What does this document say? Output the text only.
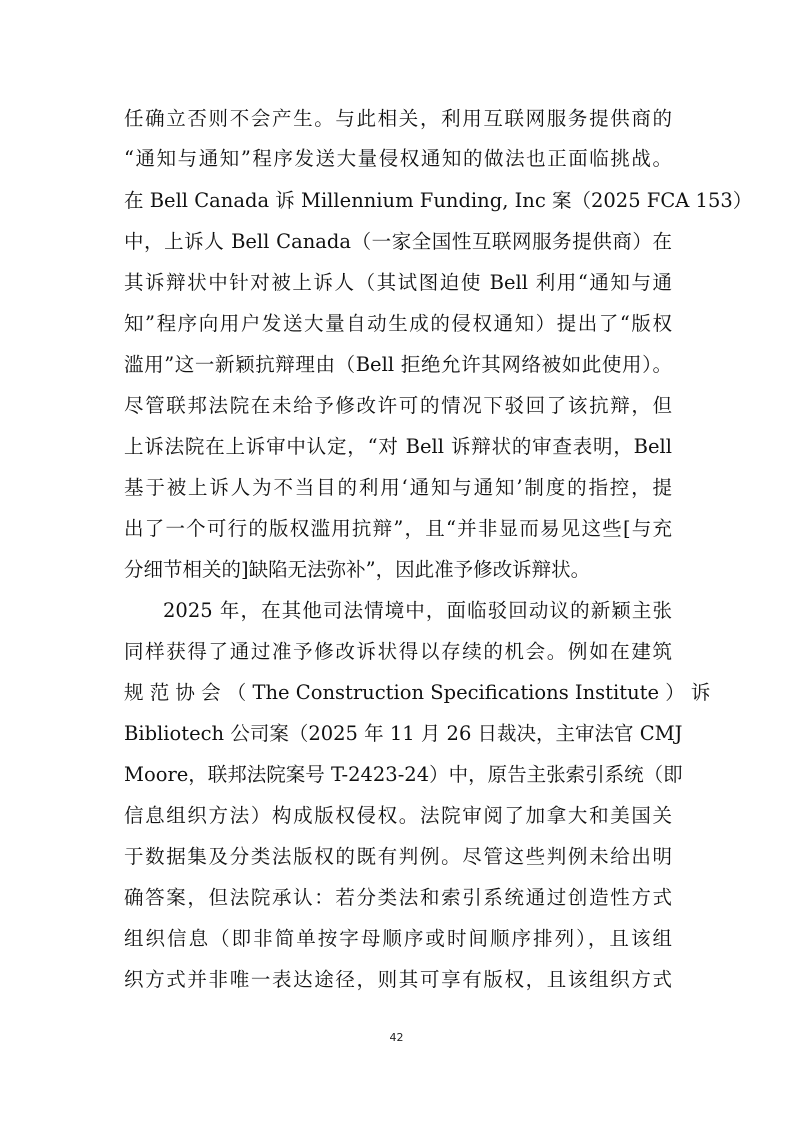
任确立否则不会产生。与此相关，利用互联网服务提供商的
“通知与通知”程序发送大量侵权通知的做法也正面临挑战。
在 Bell Canada 诉 Millennium Funding, Inc 案（2025 FCA 153）
中，上诉人 Bell Canada（一家全国性互联网服务提供商）在
其诉辩状中针对被上诉人（其试图迫使 Bell 利用“通知与通
知”程序向用户发送大量自动生成的侵权通知）提出了“版权
滥用”这一新颖抗辩理由（Bell 拒绝允许其网络被如此使用）。
尽管联邦法院在未给予修改许可的情况下驳回了该抗辩，但
上诉法院在上诉审中认定，“对 Bell 诉辩状的审查表明，Bell
基于被上诉人为不当目的利用‘通知与通知’制度的指控，提
出了一个可行的版权滥用抗辩”，且“并非显而易见这些[与充
分细节相关的]缺陷无法弥补”，因此准予修改诉辩状。
2025 年，在其他司法情境中，面临驳回动议的新颖主张
同样获得了通过准予修改诉状得以存续的机会。例如在建筑
规 范 协 会 （ The Construction Specifications Institute ） 诉
Bibliotech 公司案（2025 年 11 月 26 日裁决，主审法官 CMJ
Moore，联邦法院案号 T-2423-24）中，原告主张索引系统（即
信息组织方法）构成版权侵权。法院审阅了加拿大和美国关
于数据集及分类法版权的既有判例。尽管这些判例未给出明
确答案，但法院承认：若分类法和索引系统通过创造性方式
组织信息（即非简单按字母顺序或时间顺序排列），且该组
织方式并非唯一表达途径，则其可享有版权，且该组织方式
42
